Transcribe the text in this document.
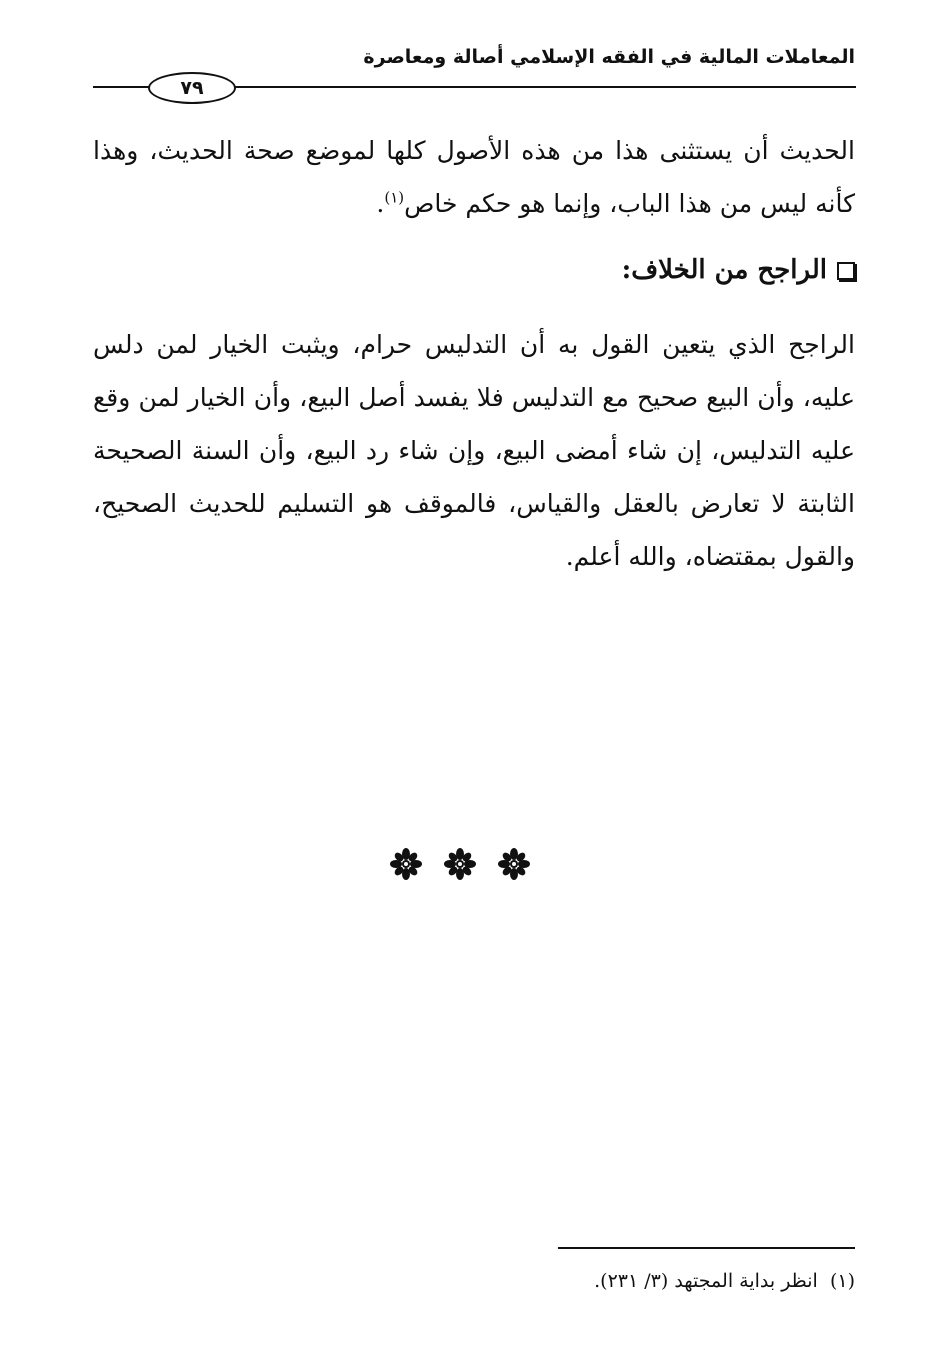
المعاملات المالية في الفقه الإسلامي أصالة ومعاصرة
٧٩

الحديث أن يستثنى هذا من هذه الأصول كلها لموضع صحة الحديث، وهذا كأنه ليس من هذا الباب، وإنما هو حكم خاص$^{(١)}$.

الراجح من الخلاف:

الراجح الذي يتعين القول به أن التدليس حرام، ويثبت الخيار لمن دلس عليه، وأن البيع صحيح مع التدليس فلا يفسد أصل البيع، وأن الخيار لمن وقع عليه التدليس، إن شاء أمضى البيع، وإن شاء رد البيع، وأن السنة الصحيحة الثابتة لا تعارض بالعقل والقياس، فالموقف هو التسليم للحديث الصحيح، والقول بمقتضاه، والله أعلم.

(١)  انظر بداية المجتهد (٣/ ٢٣١).
